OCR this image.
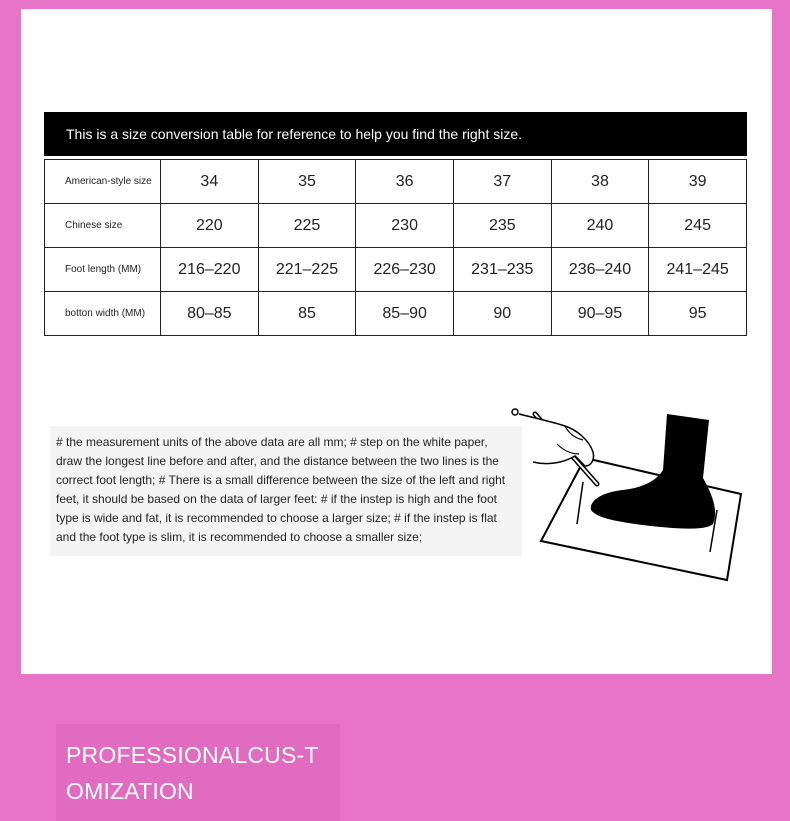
This is a size conversion table for reference to help you find the right size.
American-style size	34	35	36	37	38	39
Chinese size	220	225	230	235	240	245
Foot length (MM)	216–220	221–225	226–230	231–235	236–240	241–245
botton width (MM)	80–85	85	85–90	90	90–95	95
# the measurement units of the above data are all mm; # step on the white paper, draw the longest line before and after, and the distance between the two lines is the correct foot length; # There is a small difference between the size of the left and right feet, it should be based on the data of larger feet: # if the instep is high and the foot type is wide and fat, it is recommended to choose a larger size; # if the instep is flat and the foot type is slim, it is recommended to choose a smaller size;
PROFESSIONALCUS-TOMIZATION
